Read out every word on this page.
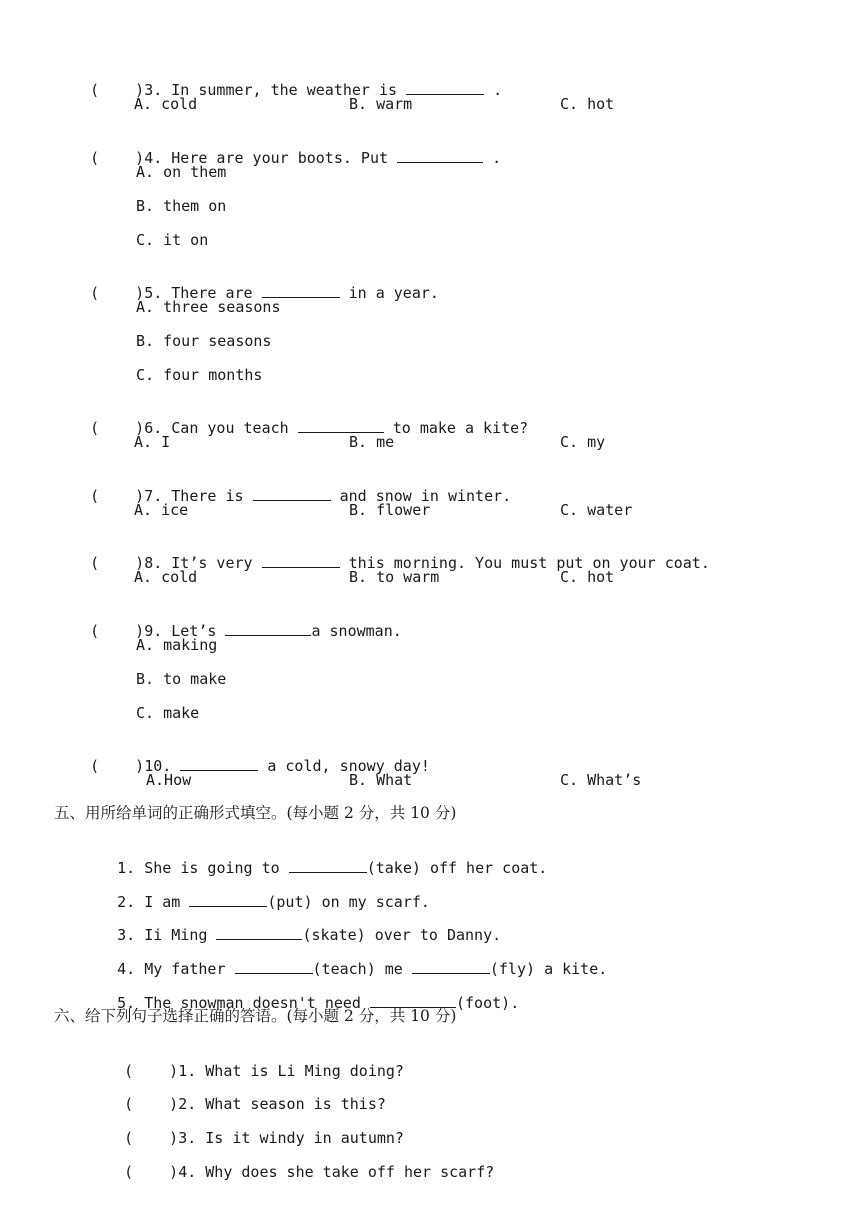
( )3. In summer, the weather is	.

A. cold	B. warm	C. hot

( )4. Here are your boots. Put	.

A. on them
B. them on
C. it on

( )5. There are	in a year.

A. three seasons
B. four seasons
C. four months

( )6. Can you teach	to make a kite?

A. I	B. me	C. my

( )7. There is	and snow in winter.

A. ice	B. flower	C. water

( )8. It’s very	this morning. You must put on your coat.

A. cold	B. to warm	C. hot

( )9. Let’s	a snowman.

A. making
B. to make
C. make

( )10.	a cold, snowy day!

A.How	B. What	C. What’s
五、用所给单词的正确形式填空。(每小题 2 分，共 10 分)

1. She is going to	(take) off her coat.

2. I am	(put) on my scarf.

3. Ii Ming	(skate) over to Danny.

4. My father	(teach) me	(fly) a kite.

5. The snowman doesn't need	(foot).

六、给下列句子选择正确的答语。(每小题 2 分，共 10 分)

( )1. What is Li Ming doing?

( )2. What season is this?

( )3. Is it windy in autumn?

( )4. Why does she take off her scarf?
